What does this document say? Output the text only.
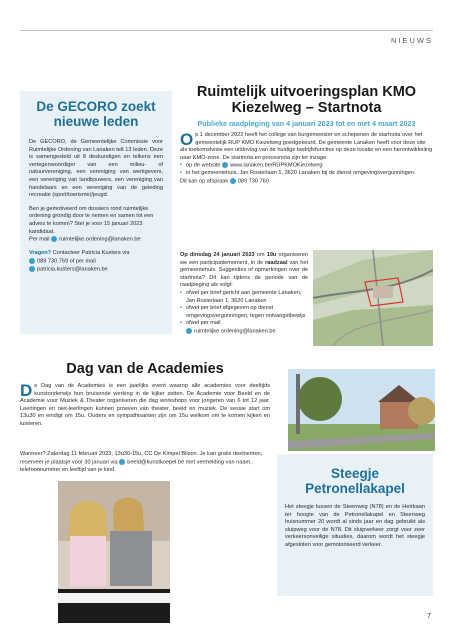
NIEUWS
De GECORO zoekt nieuwe leden
De GECORO, de Gemeentelijke Commissie voor Ruimtelijke Ordening van Lanaken telt 13 leden. Deze is samengesteld uit 8 deskundigen en telkens een vertegenwoordiger van een milieu- of natuurvereniging, een vereniging van werkgevers, een vereniging van landbouwers, een vereniging van handelaars en een vereniging van de geleding recreatie (sport/toerisme)/jeugd.
Ben je gemotiveerd om dossiers rond ruimtelijke ordening grondig door te nemen en samen tot een advies te komen? Stel je voor 15 januari 2023 kandidaat.
Per mail ruimtelijke.ordening@lanaken.be
Vragen? Contacteer Patricia Kusters via
089 730 769 of per mail
patricia.kusters@lanaken.be
Ruimtelijk uitvoeringsplan KMO Kiezelweg – Startnota
Publieke raadpleging van 4 januari 2023 tot en met 4 maart 2023
Op 1 december 2022 heeft het college van burgemeester en schepenen de startnota over het gemeentelijk RUP KMO Kiezelweg goedgekeurd. De gemeente Lanaken heeft voor deze site als toekomstvisie een uitdoving van de huidige bedrijfsfuncties op deze locatie en een herontwikkeling naar KMO-zone. De startnota en procesnota zijn ter inzage:
• op de website www.lanaken.be/RUPKMOKiezelweg
• in het gemeentehuis, Jan Rosierlaan 1, 3620 Lanaken bij de dienst omgevingsvergunningen.
Dit kan op afspraak 089 730 760
Op dinsdag 24 januari 2023 om 19u organiseren we een participatiemoment, in de raadzaal van het gemeentehuis. Suggesties of opmerkingen over de startnota? Dit kan tijdens de periode van de raadpleging als volgt:
• ofwel per brief gericht aan gemeente Lanaken, Jan Rosierlaan 1, 3620 Lanaken
• ofwel per brief afgegeven op dienst omgevingsvergunningen, tegen ontvangstbewijs
• ofwel per mail
ruimtelijke.ordening@lanaken.be
Dag van de Academies
De Dag van de Academies is een jaarlijks event waarop alle academies voor deeltijds kunstonderwijs hun bruisende werking in de kijker zetten. De Academie voor Beeld en de Academie voor Muziek & Theater organiseren die dag workshops voor jongeren van 6 tot 12 jaar. Leerlingen en niet-leerlingen kunnen proeven van theater, beeld en muziek. De sessie start om 13u30 en eindigt om 15u. Ouders en sympathisanten zijn om 15u welkom om te komen kijken en luisteren.
Wanneer? Zaterdag 11 februari 2023, 13u30-15u, CC De Kimpel Bilzen. Je kan gratis deelnemen, reserveer je plaatsje voor 30 januari via beeld@kunstkoepel.be met vermelding van naam, telefoonnummer en leeftijd van je kind.	Steegje Petronellakapel
Het steegje tussen de Steenweg (N78) en de Heirbaan ter hoogte van de Petronellakapel en Steenweg huisnummer 20 wordt al sinds jaar en dag gebruikt als sluipweg voor de N78. Dit sluipverkeer zorgt voor zeer verkeersonveilige situaties, daarom wordt het steegje afgesloten voor gemotoriseerd verkeer.
7
